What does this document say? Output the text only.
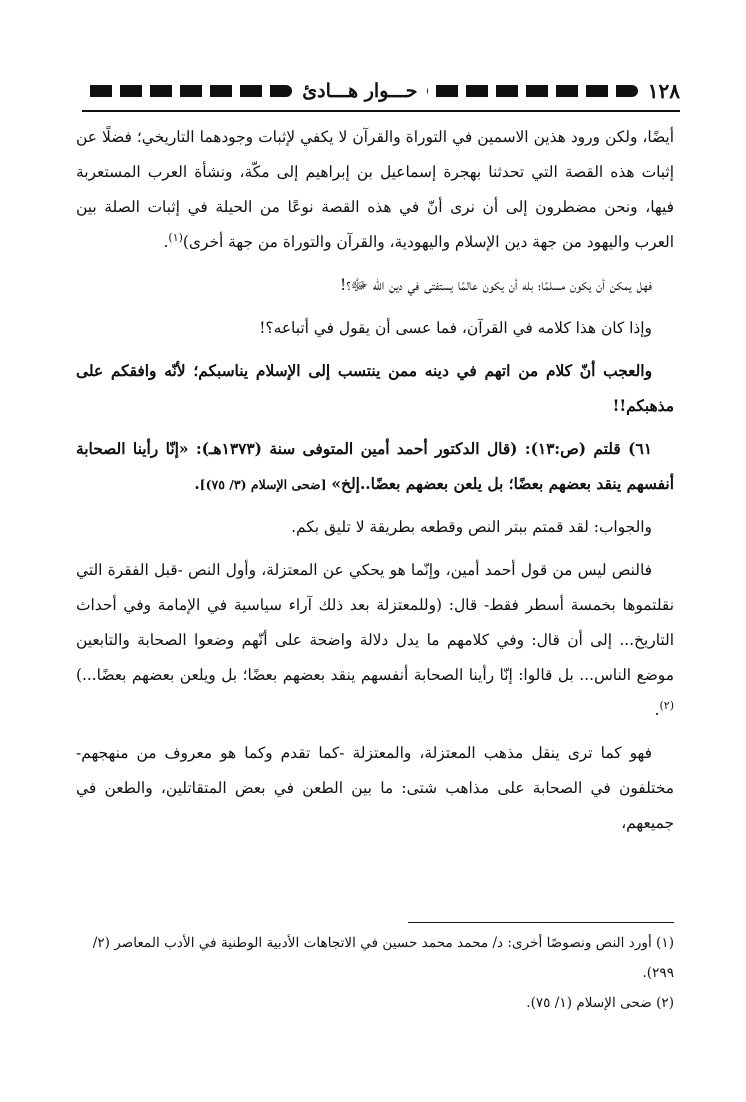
١٢٨
حـــوار هـــادئ

أيضًا، ولكن ورود هذين الاسمين في التوراة والقرآن لا يكفي لإثبات وجودهما التاريخي؛ فضلًا عن إثبات هذه القصة التي تحدثنا بهجرة إسماعيل بن إبراهيم إلى مكّة، ونشأة العرب المستعربة فيها، ونحن مضطرون إلى أن نرى أنّ في هذه القصة نوعًا من الحيلة في إثبات الصلة بين العرب واليهود من جهة دين الإسلام واليهودية، والقرآن والتوراة من جهة أخرى)$^{(١)}$.

فهل يمكن أن يكون مسلمًا؛ بله أن يكون عالمًا يستفتى في دين الله ﷻ؟!

وإذا كان هذا كلامه في القرآن، فما عسى أن يقول في أتباعه؟!

والعجب أنّ كلام من اتهم في دينه ممن ينتسب إلى الإسلام يناسبكم؛ لأنّه وافقكم على مذهبكم!!

٦١) قلتم (ص:١٣): (قال الدكتور أحمد أمين المتوفى سنة (١٣٧٣هـ): «إنّا رأينا الصحابة أنفسهم ينقد بعضهم بعضًا؛ بل يلعن بعضهم بعضًا..إلخ» [ضحى الإسلام (٣/ ٧٥)].

والجواب: لقد قمتم ببتر النص وقطعه بطريقة لا تليق بكم.

فالنص ليس من قول أحمد أمين، وإنّما هو يحكي عن المعتزلة، وأول النص -قبل الفقرة التي نقلتموها بخمسة أسطر فقط- قال: (وللمعتزلة بعد ذلك آراء سياسية في الإمامة وفي أحداث التاريخ... إلى أن قال: وفي كلامهم ما يدل دلالة واضحة على أنّهم وضعوا الصحابة والتابعين موضع الناس... بل قالوا: إنّا رأينا الصحابة أنفسهم ينقد بعضهم بعضًا؛ بل ويلعن بعضهم بعضًا...)$^{(٢)}$.

فهو كما ترى ينقل مذهب المعتزلة، والمعتزلة -كما تقدم وكما هو معروف من منهجهم- مختلفون في الصحابة على مذاهب شتى: ما بين الطعن في بعض المتقاتلين، والطعن في جميعهم،

(١) أورد النص ونصوصًا أخرى: د/ محمد محمد حسين في الاتجاهات الأدبية الوطنية في الأدب المعاصر (٢/ ٢٩٩).

(٢) ضحى الإسلام (١/ ٧٥).
